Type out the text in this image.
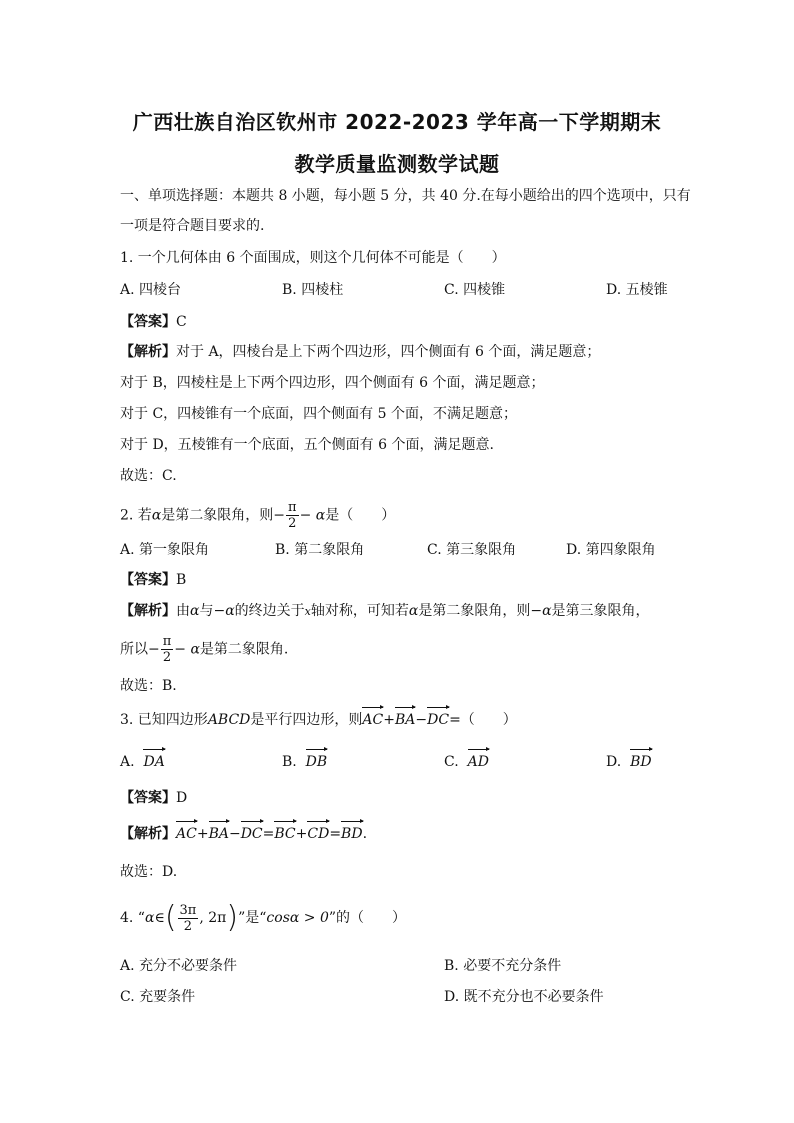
广西壮族自治区钦州市 2022-2023 学年高一下学期期末
教学质量监测数学试题
一、单项选择题：本题共 8 小题，每小题 5 分，共 40 分.在每小题给出的四个选项中，只有
一项是符合题目要求的.
1. 一个几何体由 6 个面围成，则这个几何体不可能是（　　）
A. 四棱台	B. 四棱柱	C. 四棱锥	D. 五棱锥
【答案】C
【解析】对于 A，四棱台是上下两个四边形，四个侧面有 6 个面，满足题意；
对于 B，四棱柱是上下两个四边形，四个侧面有 6 个面，满足题意；
对于 C，四棱锥有一个底面，四个侧面有 5 个面，不满足题意；
对于 D，五棱锥有一个底面，五个侧面有 6 个面，满足题意.
故选：C.
2. 若α是第二象限角，则− $\frac{\pi}{2} - \alpha$是（　　）
A. 第一象限角	B. 第二象限角	C. 第三象限角	D. 第四象限角
【答案】B
【解析】由α与−α的终边关于x轴对称，可知若α是第二象限角，则−α是第三象限角，
所以− $\frac{\pi}{2} - \alpha$是第二象限角.
故选：B.
3. 已知四边形ABCD是平行四边形，则AC+BA−DC=（　　）
A. DA	B. DB	C. AD	D. BD
【答案】D
【解析】AC+BA−DC=BC+CD=BD.
故选：D.
4. “α∈( $\frac{3\pi}{2}$ , 2π)”是“cosα > 0”的（　　）
A. 充分不必要条件	B. 必要不充分条件
C. 充要条件	D. 既不充分也不必要条件
